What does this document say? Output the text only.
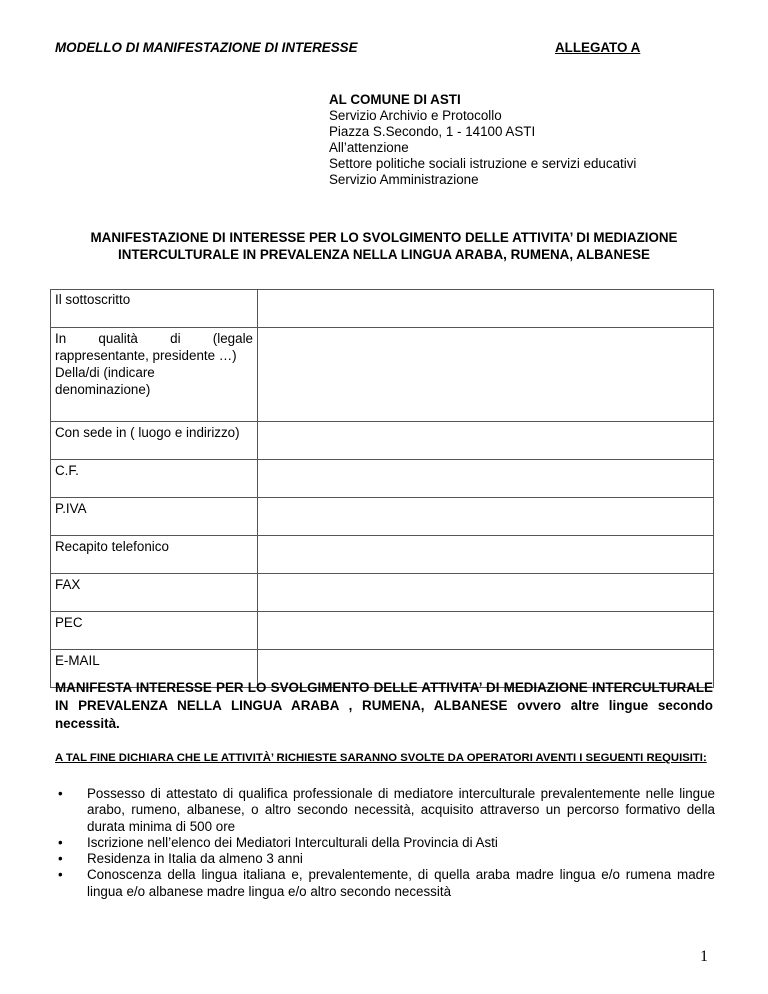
MODELLO DI MANIFESTAZIONE DI INTERESSE	ALLEGATO A
AL COMUNE DI ASTI
Servizio Archivio e Protocollo
Piazza S.Secondo, 1 - 14100 ASTI
All’attenzione
Settore politiche sociali istruzione e servizi educativi
Servizio Amministrazione
MANIFESTAZIONE DI INTERESSE PER LO SVOLGIMENTO DELLE ATTIVITA’ DI MEDIAZIONE
INTERCULTURALE IN PREVALENZA NELLA LINGUA ARABA, RUMENA, ALBANESE
Il sottoscritto	

In qualità di (legale
rappresentante, presidente …)
Della/di (indicare denominazione)	

Con sede in ( luogo e indirizzo)	
C.F.	
P.IVA	
Recapito telefonico	
FAX	
PEC	
E-MAIL	
MANIFESTA INTERESSE PER LO SVOLGIMENTO DELLE ATTIVITA’ DI MEDIAZIONE INTERCULTURALE IN PREVALENZA NELLA LINGUA ARABA , RUMENA, ALBANESE ovvero altre lingue secondo necessità.
A TAL FINE DICHIARA CHE LE ATTIVITÀ’ RICHIESTE SARANNO SVOLTE DA OPERATORI AVENTI I SEGUENTI REQUISITI:
• Possesso di attestato di qualifica professionale di mediatore interculturale prevalentemente nelle lingue arabo, rumeno, albanese, o altro secondo necessità, acquisito attraverso un percorso formativo della durata minima di 500 ore
• Iscrizione nell’elenco dei Mediatori Interculturali della Provincia di Asti
• Residenza in Italia da almeno 3 anni
• Conoscenza della lingua italiana e, prevalentemente, di quella araba madre lingua e/o rumena madre lingua e/o albanese madre lingua e/o altro secondo necessità
1
